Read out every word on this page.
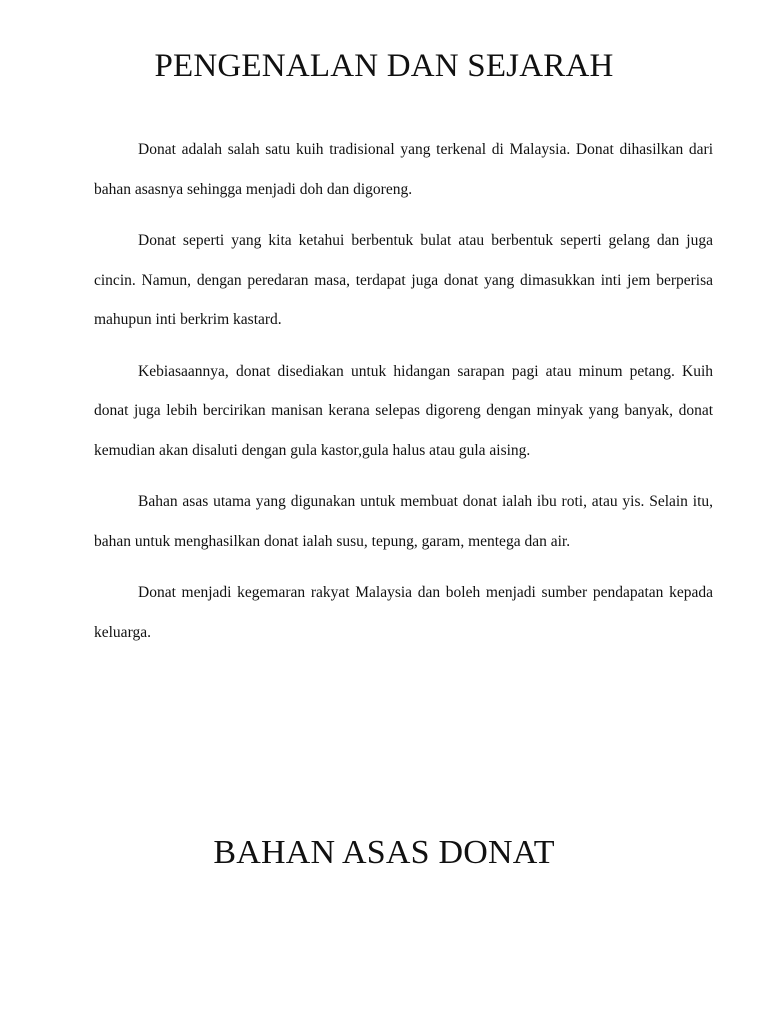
PENGENALAN DAN SEJARAH

Donat adalah salah satu kuih tradisional yang terkenal di Malaysia. Donat dihasilkan dari bahan asasnya sehingga menjadi doh dan digoreng.

Donat seperti yang kita ketahui berbentuk bulat atau berbentuk seperti gelang dan juga cincin. Namun, dengan peredaran masa, terdapat juga donat yang dimasukkan inti jem berperisa mahupun inti berkrim kastard.

Kebiasaannya, donat disediakan untuk hidangan sarapan pagi atau minum petang. Kuih donat juga lebih bercirikan manisan kerana selepas digoreng dengan minyak yang banyak, donat kemudian akan disaluti dengan gula kastor,gula halus atau gula aising.

Bahan asas utama yang digunakan untuk membuat donat ialah ibu roti, atau yis. Selain itu, bahan untuk menghasilkan donat ialah susu, tepung, garam, mentega dan air.

Donat menjadi kegemaran rakyat Malaysia dan boleh menjadi sumber pendapatan kepada keluarga.

BAHAN ASAS DONAT
